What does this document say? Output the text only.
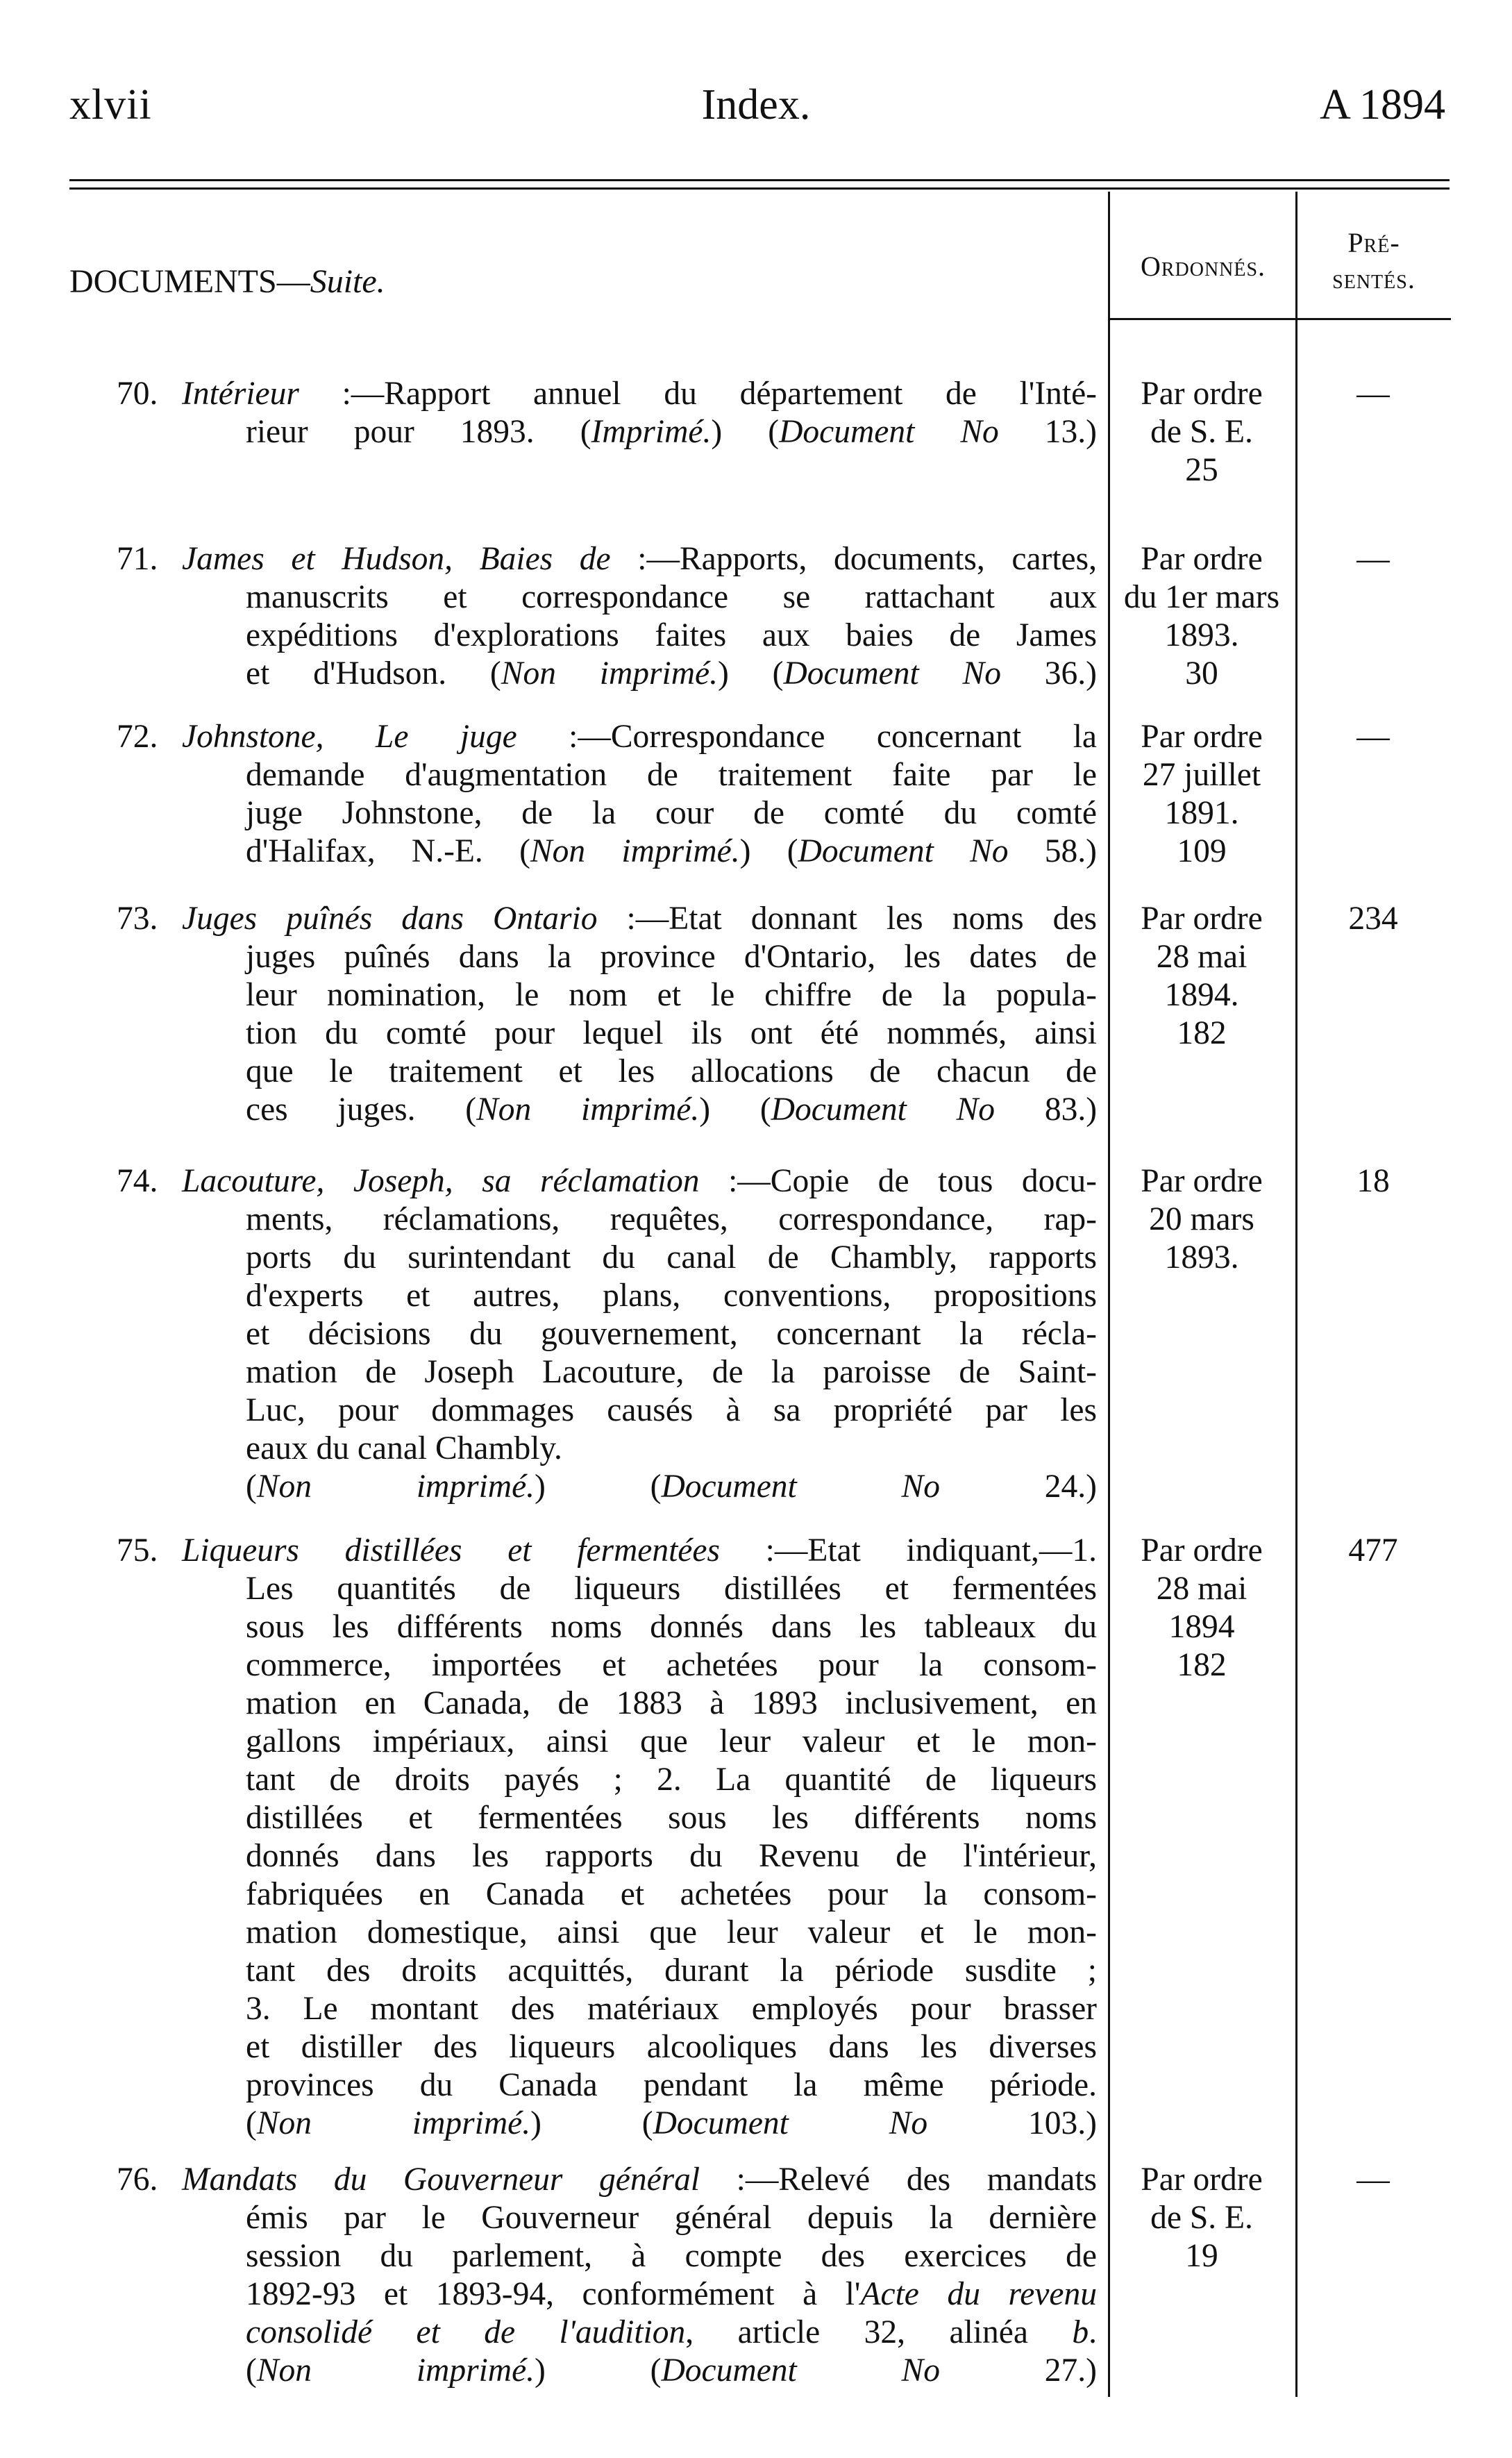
xlvii	Index.	A 1894
Ordonnés.
Pré-
sentés.
DOCUMENTS—Suite.
70. Intérieur :—Rapport annuel du département de l'Inté-
rieur pour 1893. (Imprimé.) (Document No 13.)
Par ordre
de S. E.
25
—
71. James et Hudson, Baies de :—Rapports, documents, cartes,
manuscrits et correspondance se rattachant aux
expéditions d'explorations faites aux baies de James
et d'Hudson. (Non imprimé.) (Document No 36.)
Par ordre
du 1er mars
1893.
30
—
72. Johnstone, Le juge :—Correspondance concernant la
demande d'augmentation de traitement faite par le
juge Johnstone, de la cour de comté du comté
d'Halifax, N.-E. (Non imprimé.) (Document No 58.)
Par ordre
27 juillet
1891.
109
—
73. Juges puînés dans Ontario :—Etat donnant les noms des
juges puînés dans la province d'Ontario, les dates de
leur nomination, le nom et le chiffre de la popula-
tion du comté pour lequel ils ont été nommés, ainsi
que le traitement et les allocations de chacun de
ces juges. (Non imprimé.) (Document No 83.)
Par ordre
28 mai
1894.
182
234
74. Lacouture, Joseph, sa réclamation :—Copie de tous docu-
ments, réclamations, requêtes, correspondance, rap-
ports du surintendant du canal de Chambly, rapports
d'experts et autres, plans, conventions, propositions
et décisions du gouvernement, concernant la récla-
mation de Joseph Lacouture, de la paroisse de Saint-
Luc, pour dommages causés à sa propriété par les
eaux du canal Chambly.
(Non imprimé.) (Document No 24.)
Par ordre
20 mars
1893.
18
75. Liqueurs distillées et fermentées :—Etat indiquant,—1.
Les quantités de liqueurs distillées et fermentées
sous les différents noms donnés dans les tableaux du
commerce, importées et achetées pour la consom-
mation en Canada, de 1883 à 1893 inclusivement, en
gallons impériaux, ainsi que leur valeur et le mon-
tant de droits payés ; 2. La quantité de liqueurs
distillées et fermentées sous les différents noms
donnés dans les rapports du Revenu de l'intérieur,
fabriquées en Canada et achetées pour la consom-
mation domestique, ainsi que leur valeur et le mon-
tant des droits acquittés, durant la période susdite ;
3. Le montant des matériaux employés pour brasser
et distiller des liqueurs alcooliques dans les diverses
provinces du Canada pendant la même période.
(Non imprimé.) (Document No 103.)
Par ordre
28 mai
1894
182
477
76. Mandats du Gouverneur général :—Relevé des mandats
émis par le Gouverneur général depuis la dernière
session du parlement, à compte des exercices de
1892-93 et 1893-94, conformément à l'Acte du revenu
consolidé et de l'audition, article 32, alinéa b.
(Non imprimé.) (Document No 27.)
Par ordre
de S. E.
19
—
